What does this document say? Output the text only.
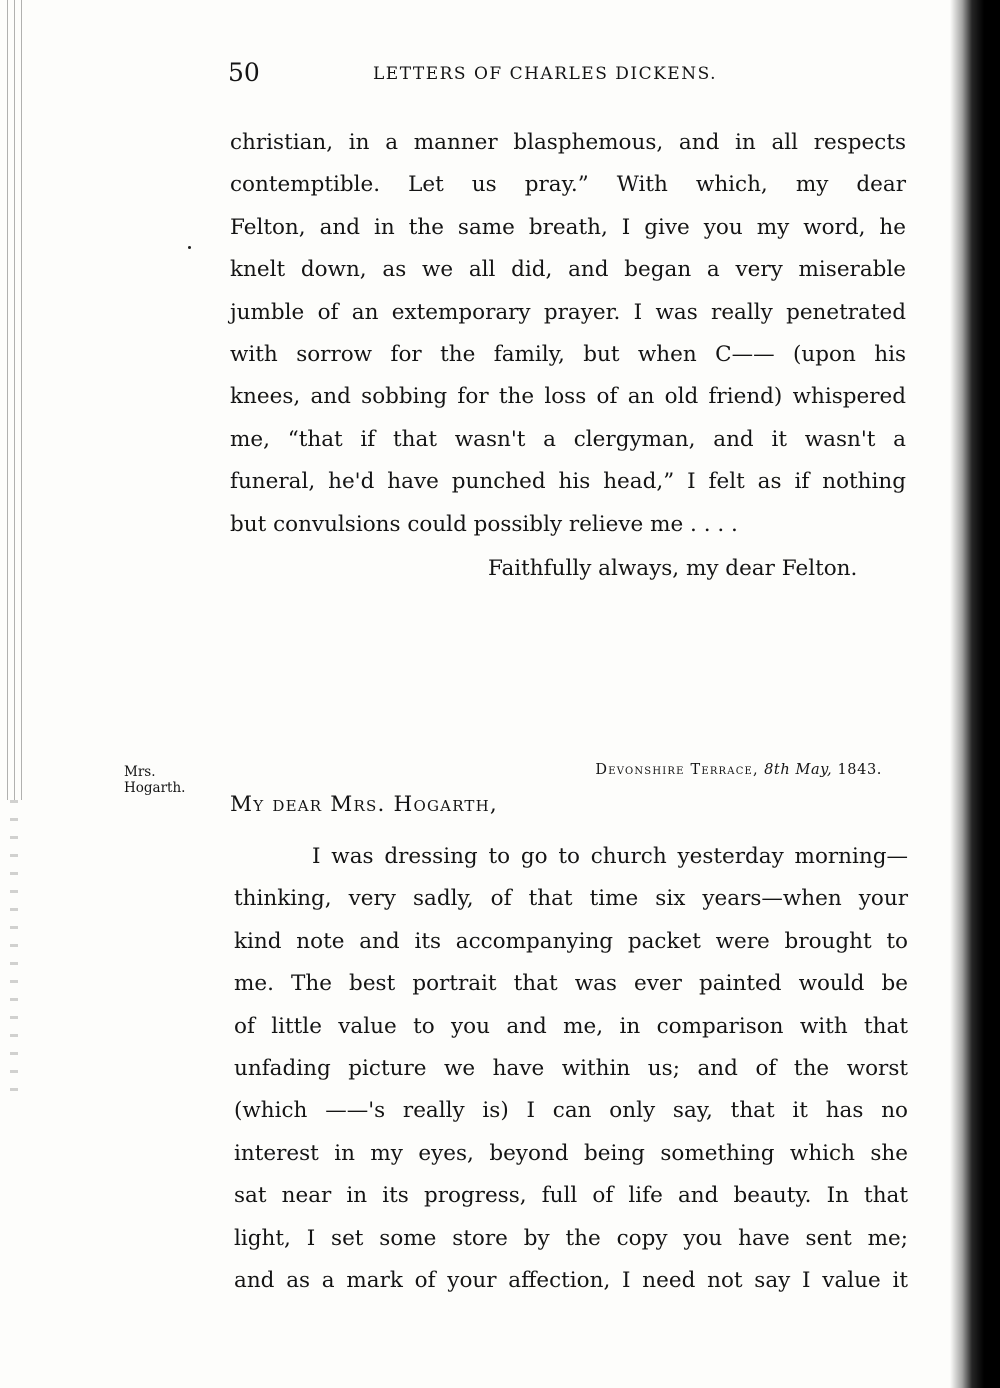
50	LETTERS OF CHARLES DICKENS.
christian, in a manner blasphemous, and in all respects
contemptible. Let us pray.” With which, my dear
Felton, and in the same breath, I give you my word, he
knelt down, as we all did, and began a very miserable
jumble of an extemporary prayer. I was really penetrated
with sorrow for the family, but when C—— (upon his
knees, and sobbing for the loss of an old friend) whispered
me, “that if that wasn't a clergyman, and it wasn't a
funeral, he'd have punched his head,” I felt as if nothing
but convulsions could possibly relieve me . . . .
Faithfully always, my dear Felton.
Mrs.
Hogarth.
Devonshire Terrace, 8th May, 1843.
My dear Mrs. Hogarth,
I was dressing to go to church yesterday morning—
thinking, very sadly, of that time six years—when your
kind note and its accompanying packet were brought to
me. The best portrait that was ever painted would be
of little value to you and me, in comparison with that
unfading picture we have within us; and of the worst
(which ——'s really is) I can only say, that it has no
interest in my eyes, beyond being something which she
sat near in its progress, full of life and beauty. In that
light, I set some store by the copy you have sent me;
and as a mark of your affection, I need not say I value it
